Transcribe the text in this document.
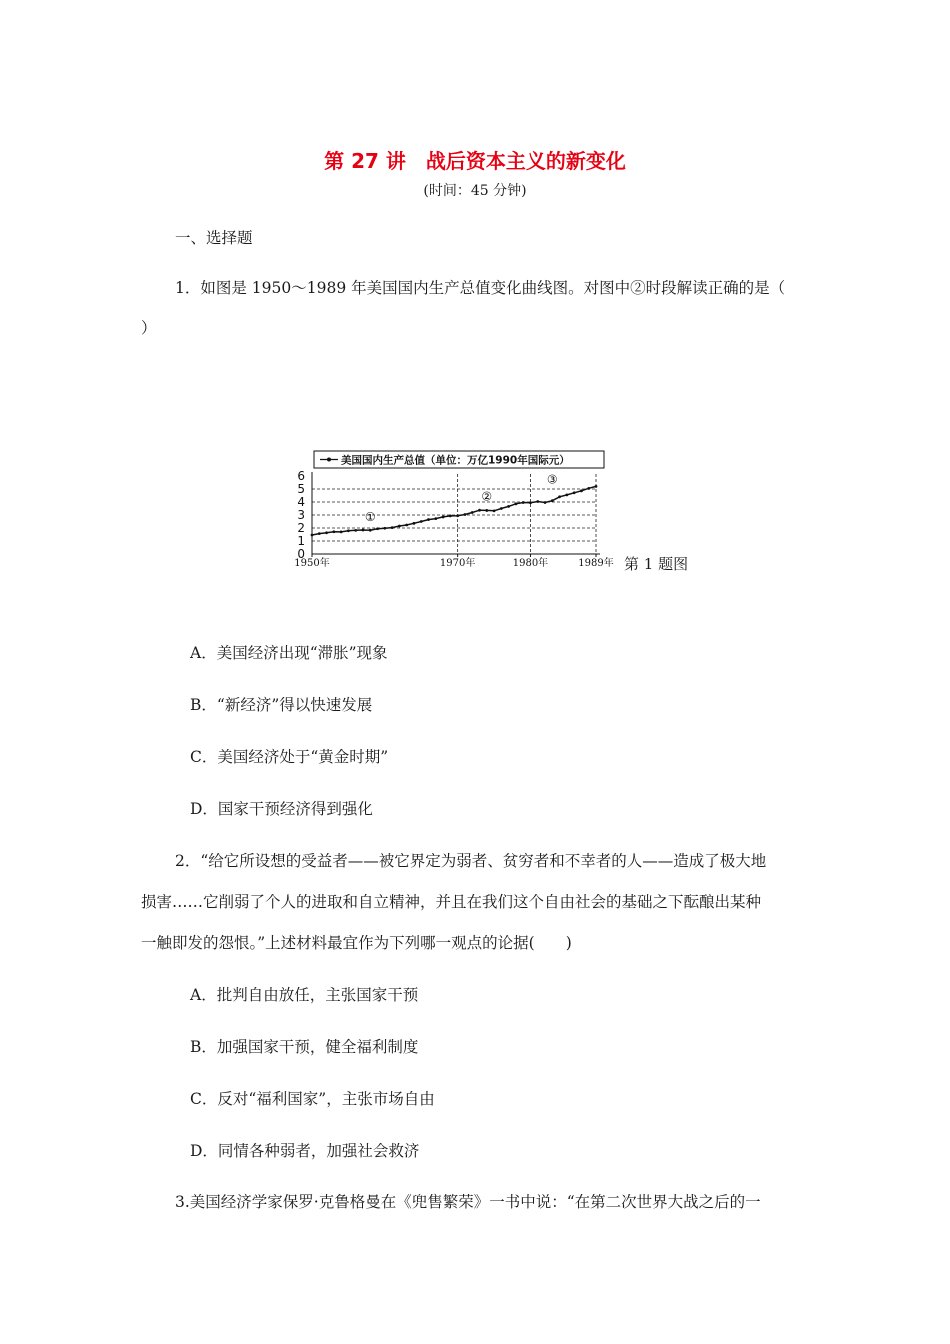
第 27 讲　战后资本主义的新变化
(时间：45 分钟)
一、选择题
1．如图是 1950～1989 年美国国内生产总值变化曲线图。对图中②时段解读正确的是（
）
0
1
2
3
4
5
6
1950年	1970年	1980年	1989年
①
②
③
美国国内生产总值（单位：万亿1990年国际元）
第 1 题图
A．美国经济出现“滞胀”现象
B．“新经济”得以快速发展
C．美国经济处于“黄金时期”
D．国家干预经济得到强化
2．“给它所设想的受益者——被它界定为弱者、贫穷者和不幸者的人——造成了极大地
损害……它削弱了个人的进取和自立精神，并且在我们这个自由社会的基础之下酝酿出某种
一触即发的怨恨。”上述材料最宜作为下列哪一观点的论据(　　)
A．批判自由放任，主张国家干预
B．加强国家干预，健全福利制度
C．反对“福利国家”，主张市场自由
D．同情各种弱者，加强社会救济
3.美国经济学家保罗·克鲁格曼在《兜售繁荣》一书中说：“在第二次世界大战之后的一
